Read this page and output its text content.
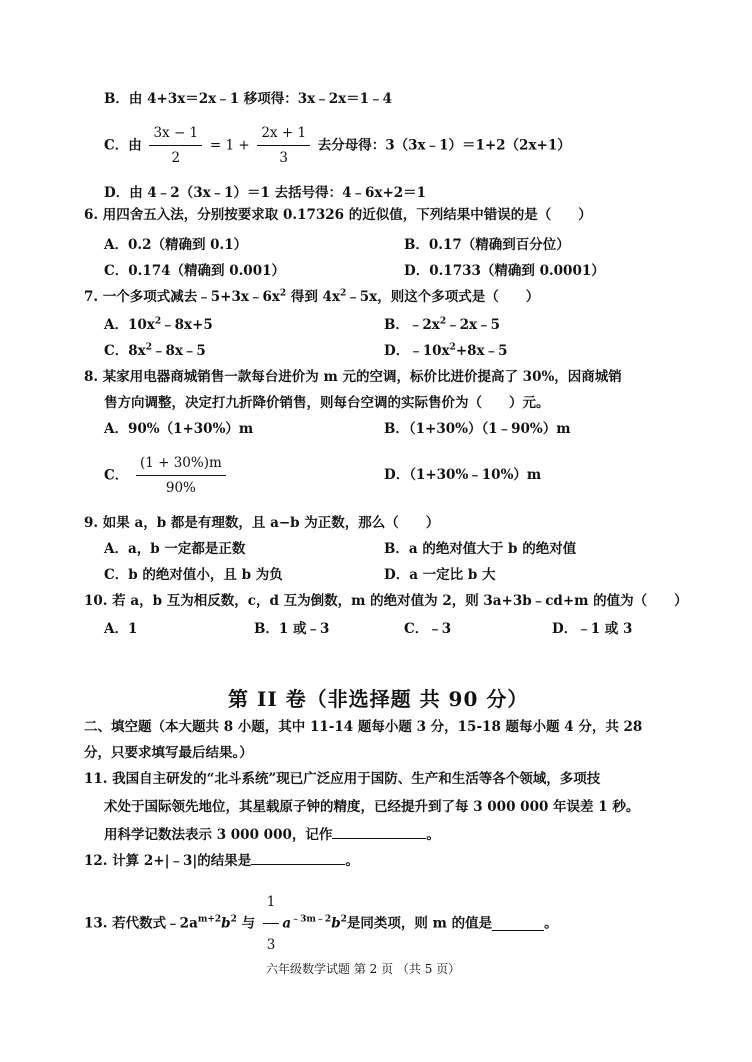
B．由 4+3x＝2x﹣1 移项得：3x﹣2x＝1﹣4
C．由 $\frac{3x - 1}{2} = 1 + \frac{2x + 1}{3}$ 去分母得：3（3x﹣1）＝1+2（2x+1）
D．由 4﹣2（3x﹣1）＝1 去括号得：4﹣6x+2＝1
6. 用四舍五入法，分别按要求取 0.17326 的近似值，下列结果中错误的是（　　）
A．0.2（精确到 0.1）	B．0.17（精确到百分位）
C．0.174（精确到 0.001）	D．0.1733（精确到 0.0001）
7. 一个多项式减去$﹣5+3x﹣6x^2$ 得到 $4x^2﹣5x$，则这个多项式是（　　）
A．$10x^2﹣8x+5$	B．$﹣2x^2﹣2x﹣5$
C．$8x^2﹣8x﹣5$	D．$﹣10x^2+8x﹣5$
8. 某家用电器商城销售一款每台进价为 m 元的空调，标价比进价提高了 30%，因商城销
售方向调整，决定打九折降价销售，则每台空调的实际售价为（　　）元。
A．90%（1+30%）m	B．（1+30%）（1﹣90%）m
C． $\frac{(1 + 30\%)m}{90\%}$	D．（1+30%﹣10%）m
9. 如果 a，b 都是有理数，且 a−b 为正数，那么（　　）
A．a，b 一定都是正数	B．a 的绝对值大于 b 的绝对值
C．b 的绝对值小，且 b 为负	D．a 一定比 b 大
10. 若 a，b 互为相反数，c，d 互为倒数，m 的绝对值为 2，则 3a+3b﹣cd+m 的值为（　　）
A．1	B．1 或﹣3	C．﹣3	D．﹣1 或 3
第 II 卷（非选择题 共 90 分）
二、填空题（本大题共 8 小题，其中 11-14 题每小题 3 分，15-18 题每小题 4 分，共 28
分，只要求填写最后结果。）
11. 我国自主研发的“北斗系统”现已广泛应用于国防、生产和生活等各个领域，多项技
术处于国际领先地位，其星载原子钟的精度，已经提升到了每 3 000 000 年误差 1 秒。
用科学记数法表示 3 000 000，记作	。
12. 计算 2+|﹣3|的结果是	。
13. 若代数式$﹣2a^{m+2}b^2$ 与 $\frac{1}{3} a^{﹣3m﹣2}b^2$是同类项，则 m 的值是	。
六年级数学试题 第 2 页 （共 5 页）
